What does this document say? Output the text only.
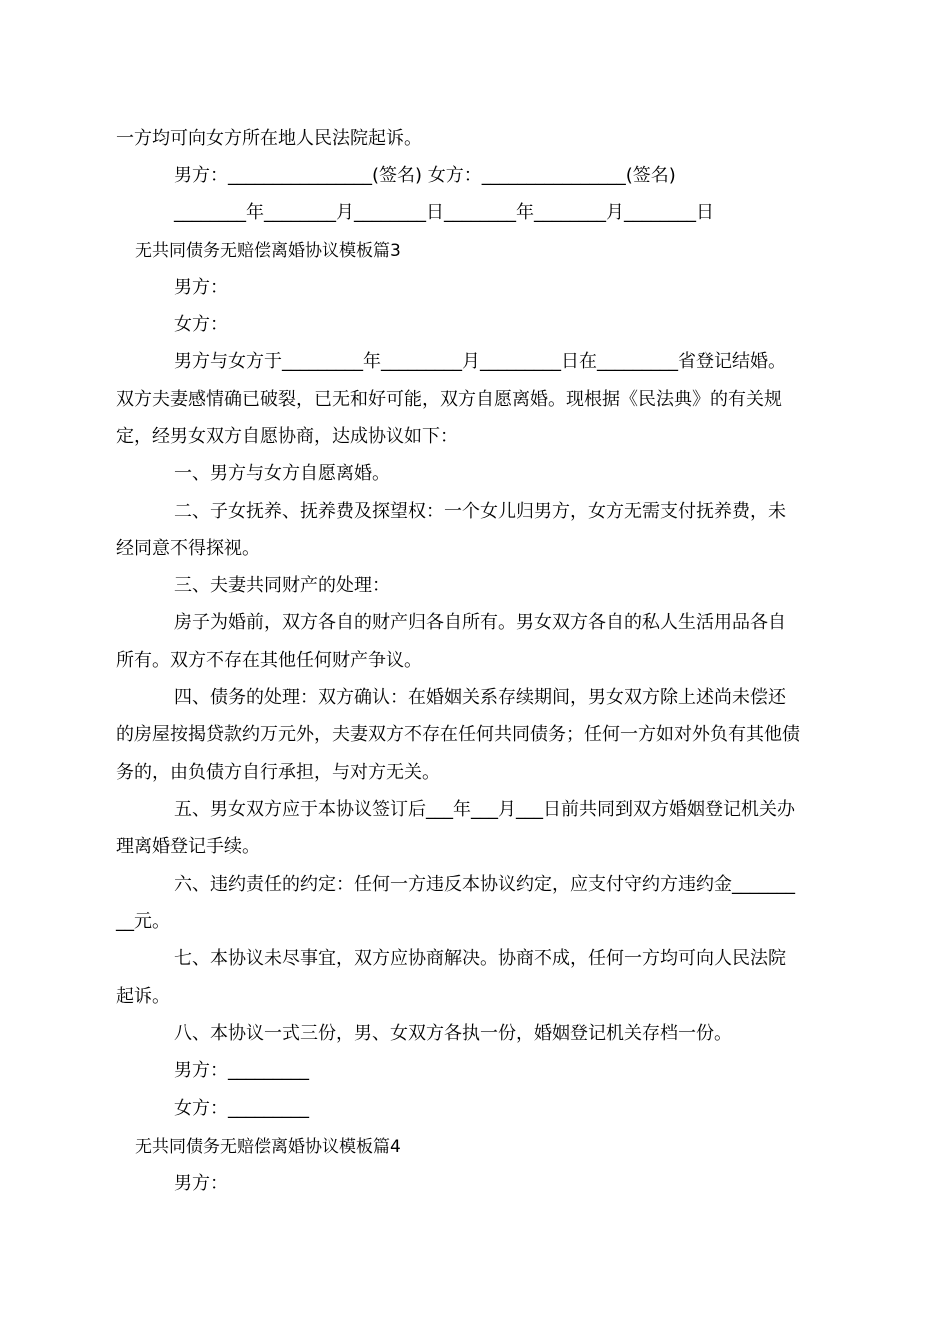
一方均可向女方所在地人民法院起诉。
男方：________________(签名) 女方：________________(签名)
________年________月________日________年________月________日
无共同债务无赔偿离婚协议模板篇3
男方：
女方：
男方与女方于_________年_________月_________日在_________省登记结婚。
双方夫妻感情确已破裂，已无和好可能，双方自愿离婚。现根据《民法典》的有关规
定，经男女双方自愿协商，达成协议如下：
一、男方与女方自愿离婚。
二、子女抚养、抚养费及探望权：一个女儿归男方，女方无需支付抚养费，未
经同意不得探视。
三、夫妻共同财产的处理：
房子为婚前，双方各自的财产归各自所有。男女双方各自的私人生活用品各自
所有。双方不存在其他任何财产争议。
四、债务的处理：双方确认：在婚姻关系存续期间，男女双方除上述尚未偿还
的房屋按揭贷款约万元外，夫妻双方不存在任何共同债务；任何一方如对外负有其他债
务的，由负债方自行承担，与对方无关。
五、男女双方应于本协议签订后___年___月___日前共同到双方婚姻登记机关办
理离婚登记手续。
六、违约责任的约定：任何一方违反本协议约定，应支付守约方违约金_______
__元。
七、本协议未尽事宜，双方应协商解决。协商不成，任何一方均可向人民法院
起诉。
八、本协议一式三份，男、女双方各执一份，婚姻登记机关存档一份。
男方：_________
女方：_________
无共同债务无赔偿离婚协议模板篇4
男方：
